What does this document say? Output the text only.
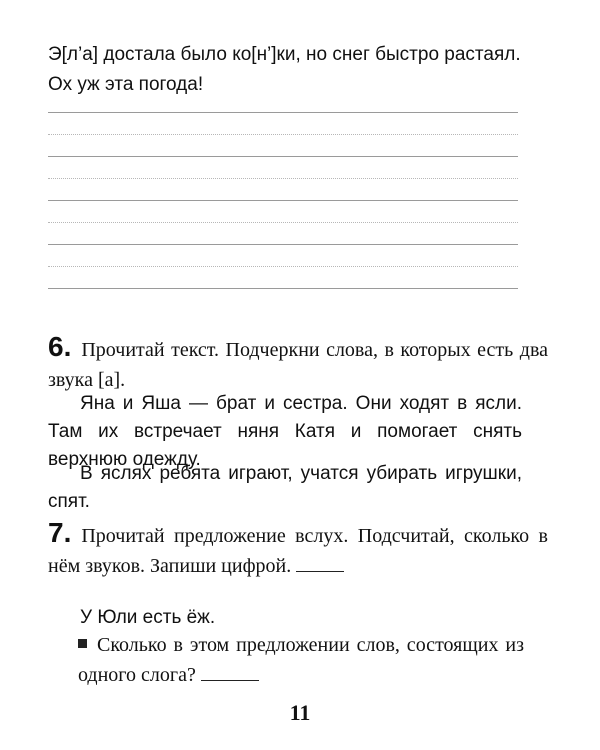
Э[л’а] достала было ко[н’]ки, но снег быстро растаял. Ох уж эта погода!
6. Прочитай текст. Подчеркни слова, в которых есть два звука [а].
Яна и Яша — брат и сестра. Они ходят в ясли. Там их встречает няня Катя и помогает снять верхнюю одежду.
В яслях ребята играют, учатся убирать игрушки, спят.
7. Прочитай предложение вслух. Подсчитай, сколько в нём звуков. Запиши цифрой.
У Юли есть ёж.
Сколько в этом предложении слов, состоящих из одного слога?
11
